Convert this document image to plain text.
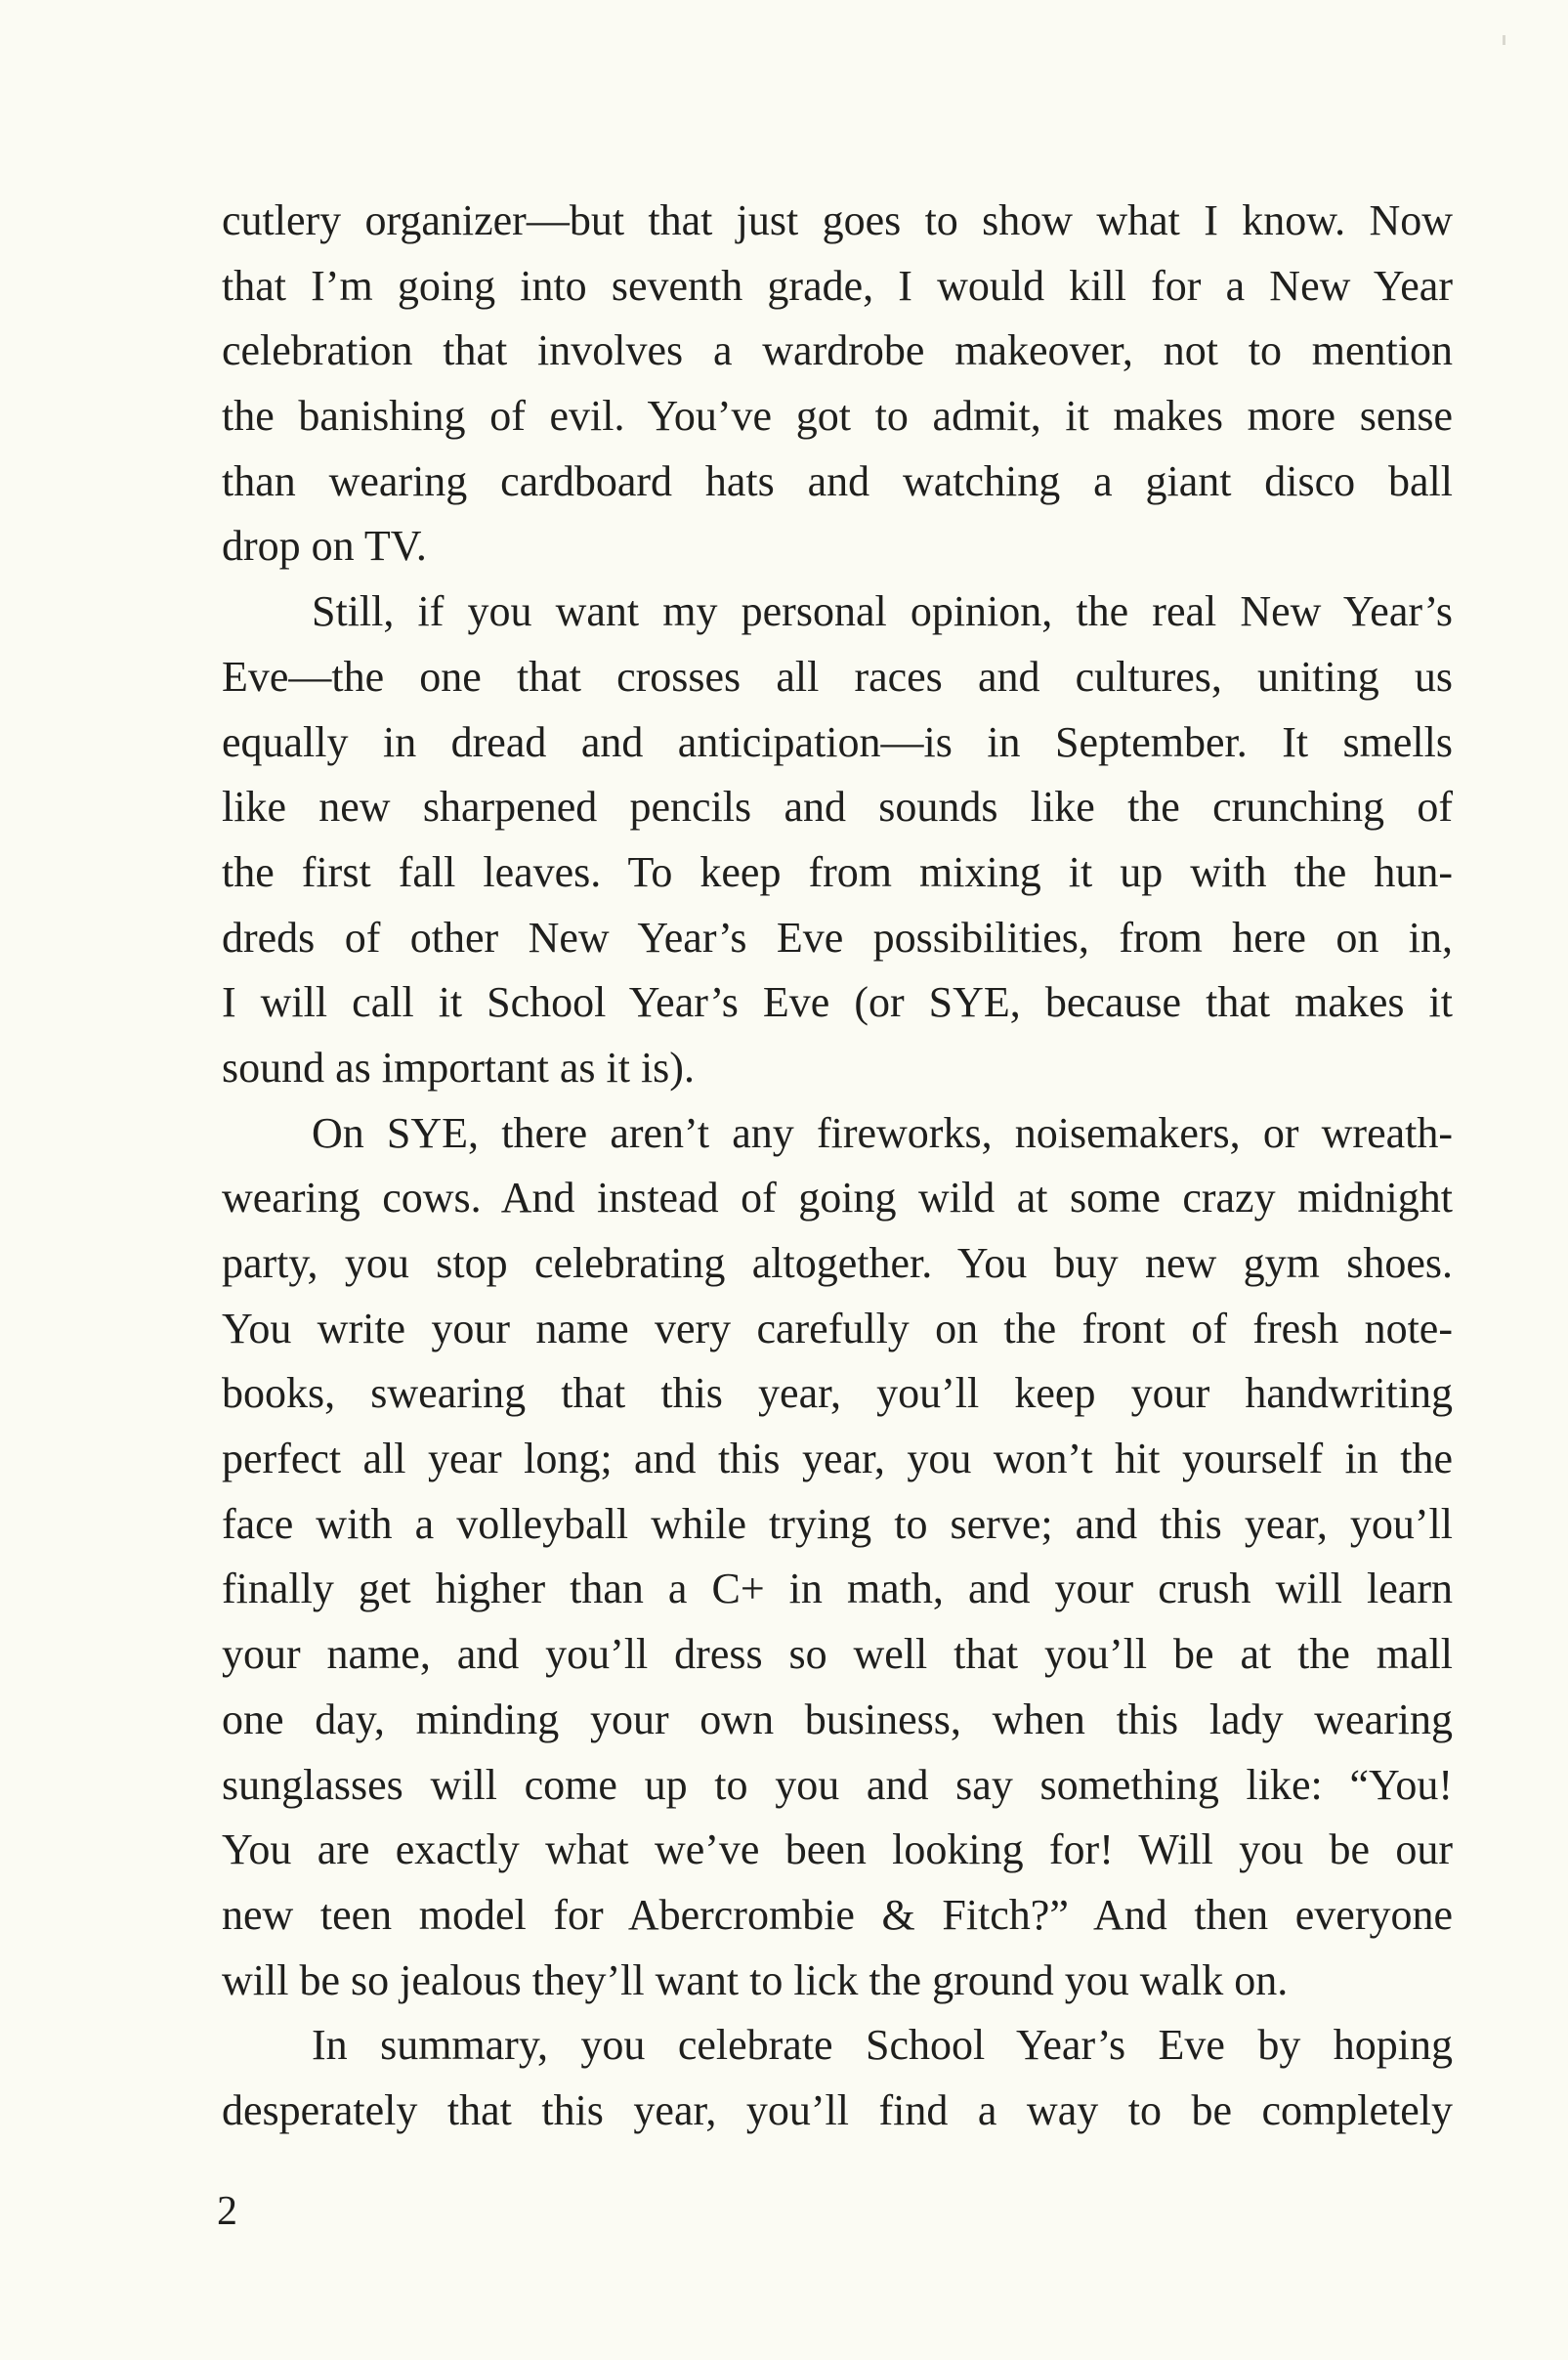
cutlery organizer—but that just goes to show what I know. Now
that I’m going into seventh grade, I would kill for a New Year
celebration that involves a wardrobe makeover, not to mention
the banishing of evil. You’ve got to admit, it makes more sense
than wearing cardboard hats and watching a giant disco ball
drop on TV.
Still, if you want my personal opinion, the real New Year’s
Eve—the one that crosses all races and cultures, uniting us
equally in dread and anticipation—is in September. It smells
like new sharpened pencils and sounds like the crunching of
the first fall leaves. To keep from mixing it up with the hun-
dreds of other New Year’s Eve possibilities, from here on in,
I will call it School Year’s Eve (or SYE, because that makes it
sound as important as it is).
On SYE, there aren’t any fireworks, noisemakers, or wreath-
wearing cows. And instead of going wild at some crazy midnight
party, you stop celebrating altogether. You buy new gym shoes.
You write your name very carefully on the front of fresh note-
books, swearing that this year, you’ll keep your handwriting
perfect all year long; and this year, you won’t hit yourself in the
face with a volleyball while trying to serve; and this year, you’ll
finally get higher than a C+ in math, and your crush will learn
your name, and you’ll dress so well that you’ll be at the mall
one day, minding your own business, when this lady wearing
sunglasses will come up to you and say something like: “You!
You are exactly what we’ve been looking for! Will you be our
new teen model for Abercrombie & Fitch?” And then everyone
will be so jealous they’ll want to lick the ground you walk on.
In summary, you celebrate School Year’s Eve by hoping
desperately that this year, you’ll find a way to be completely
2
